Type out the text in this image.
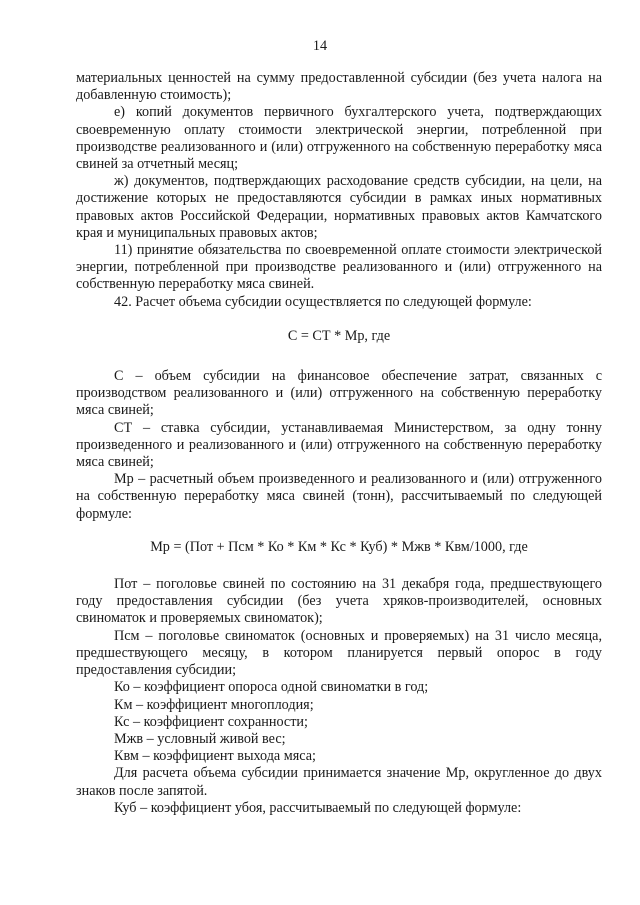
14

материальных ценностей на сумму предоставленной субсидии (без учета налога на добавленную стоимость);

е) копий документов первичного бухгалтерского учета, подтверждающих своевременную оплату стоимости электрической энергии, потребленной при производстве реализованного и (или) отгруженного на собственную переработку мяса свиней за отчетный месяц;

ж) документов, подтверждающих расходование средств субсидии, на цели, на достижение которых не предоставляются субсидии в рамках иных нормативных правовых актов Российской Федерации, нормативных правовых актов Камчатского края и муниципальных правовых актов;

11) принятие обязательства по своевременной оплате стоимости электрической энергии, потребленной при производстве реализованного и (или) отгруженного на собственную переработку мяса свиней.

42. Расчет объема субсидии осуществляется по следующей формуле:

С = СТ * Мр, где

С – объем субсидии на финансовое обеспечение затрат, связанных с производством реализованного и (или) отгруженного на собственную переработку мяса свиней;

СТ – ставка субсидии, устанавливаемая Министерством, за одну тонну произведенного и реализованного и (или) отгруженного на собственную переработку мяса свиней;

Мр – расчетный объем произведенного и реализованного и (или) отгруженного на собственную переработку мяса свиней (тонн), рассчитываемый по следующей формуле:

Мр = (Пот + Псм * Ко * Км * Кс * Куб) * Мжв * Квм/1000, где

Пот – поголовье свиней по состоянию на 31 декабря года, предшествующего году предоставления субсидии (без учета хряков-производителей, основных свиноматок и проверяемых свиноматок);

Псм – поголовье свиноматок (основных и проверяемых) на 31 число месяца, предшествующего месяцу, в котором планируется первый опорос в году предоставления субсидии;

Ко – коэффициент опороса одной свиноматки в год;

Км – коэффициент многоплодия;

Кс – коэффициент сохранности;

Мжв – условный живой вес;

Квм – коэффициент выхода мяса;

Для расчета объема субсидии принимается значение Мр, округленное до двух знаков после запятой.

Куб – коэффициент убоя, рассчитываемый по следующей формуле:
